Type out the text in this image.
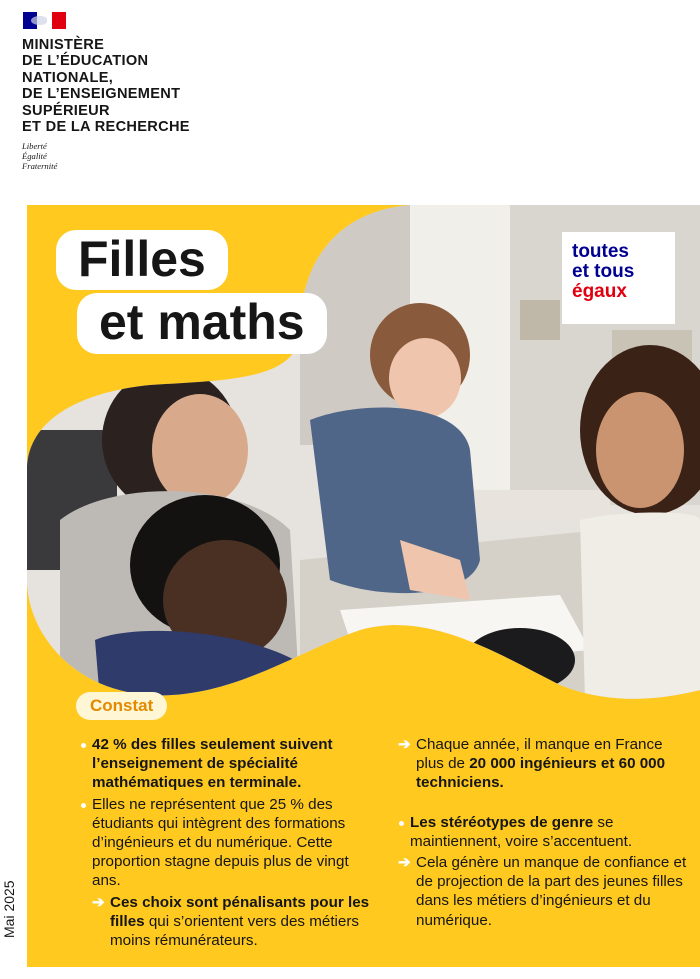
MINISTÈRE
DE L’ÉDUCATION
NATIONALE,
DE L’ENSEIGNEMENT
SUPÉRIEUR
ET DE LA RECHERCHE
Liberté
Égalité
Fraternité
Filles
et maths
toutes
et tous
égaux
Constat
42 % des filles seulement suivent l’enseignement de spécialité mathématiques en terminale.
Elles ne représentent que 25 % des étudiants qui intègrent des formations d’ingénieurs et du numérique. Cette proportion stagne depuis plus de vingt ans.
➔ Ces choix sont pénalisants pour les filles qui s’orientent vers des métiers moins rémunérateurs.
➔ Chaque année, il manque en France plus de 20 000 ingénieurs et 60 000 techniciens.
Les stéréotypes de genre se maintiennent, voire s’accentuent.
➔ Cela génère un manque de confiance et de projection de la part des jeunes filles dans les métiers d’ingénieurs et du numérique.
Mai 2025
